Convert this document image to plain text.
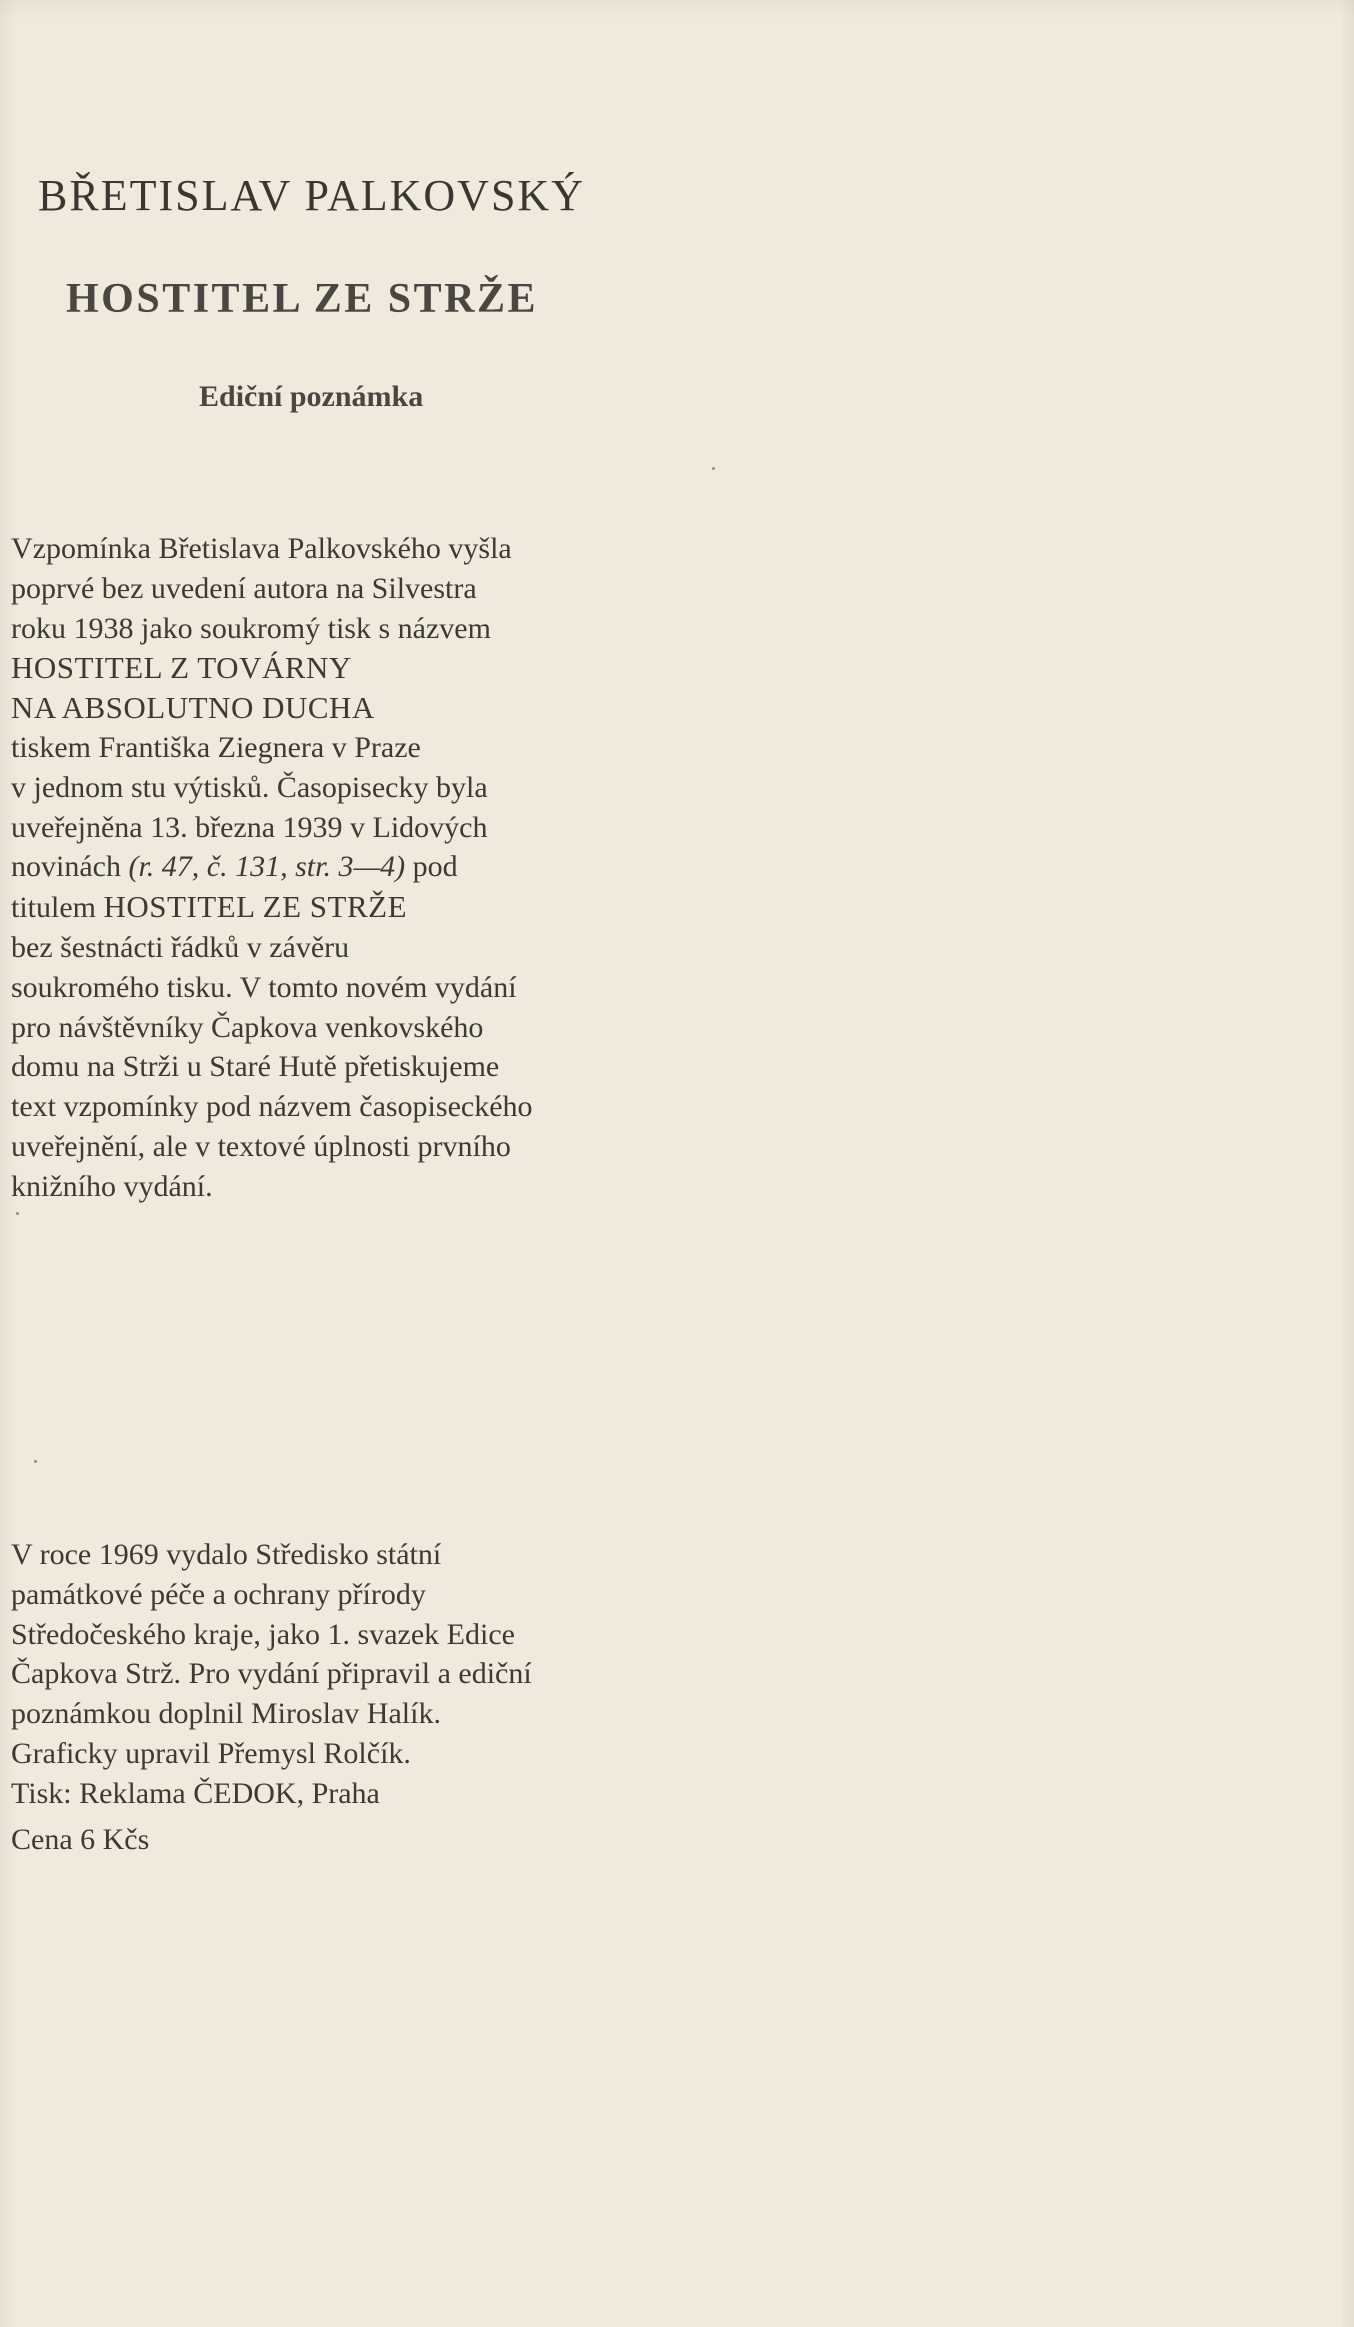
BŘETISLAV PALKOVSKÝ
HOSTITEL ZE STRŽE
Ediční poznámka
Vzpomínka Břetislava Palkovského vyšla
poprvé bez uvedení autora na Silvestra
roku 1938 jako soukromý tisk s názvem
HOSTITEL Z TOVÁRNY
NA ABSOLUTNO DUCHA
tiskem Františka Ziegnera v Praze
v jednom stu výtisků. Časopisecky byla
uveřejněna 13. března 1939 v Lidových
novinách (r. 47, č. 131, str. 3—4) pod
titulem HOSTITEL ZE STRŽE
bez šestnácti řádků v závěru
soukromého tisku. V tomto novém vydání
pro návštěvníky Čapkova venkovského
domu na Strži u Staré Hutě přetiskujeme
text vzpomínky pod názvem časopiseckého
uveřejnění, ale v textové úplnosti prvního
knižního vydání.
V roce 1969 vydalo Středisko státní
památkové péče a ochrany přírody
Středočeského kraje, jako 1. svazek Edice
Čapkova Strž. Pro vydání připravil a ediční
poznámkou doplnil Miroslav Halík.
Graficky upravil Přemysl Rolčík.
Tisk: Reklama ČEDOK, Praha
Cena 6 Kčs
